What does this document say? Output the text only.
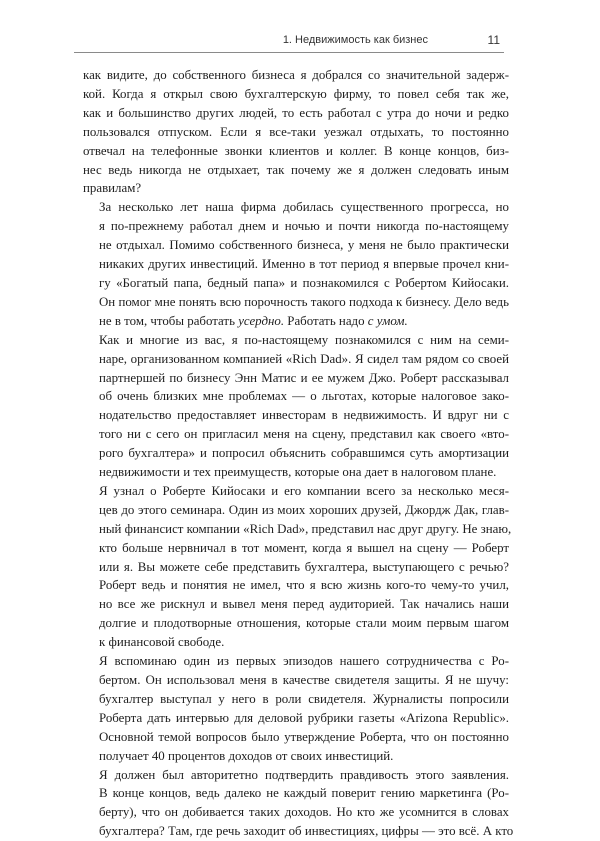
1. Недвижимость как бизнес	11

как видите, до собственного бизнеса я добрался со значительной задерж-
кой. Когда я открыл свою бухгалтерскую фирму, то повел себя так же,
как и большинство других людей, то есть работал с утра до ночи и редко
пользовался отпуском. Если я все-таки уезжал отдыхать, то постоянно
отвечал на телефонные звонки клиентов и коллег. В конце концов, биз-
нес ведь никогда не отдыхает, так почему же я должен следовать иным
правилам?

За несколько лет наша фирма добилась существенного прогресса, но
я по-прежнему работал днем и ночью и почти никогда по-настоящему
не отдыхал. Помимо собственного бизнеса, у меня не было практически
никаких других инвестиций. Именно в тот период я впервые прочел кни-
гу «Богатый папа, бедный папа» и познакомился с Робертом Кийосаки.
Он помог мне понять всю порочность такого подхода к бизнесу. Дело ведь
не в том, чтобы работать усердно. Работать надо с умом.

Как и многие из вас, я по-настоящему познакомился с ним на семи-
наре, организованном компанией «Rich Dad». Я сидел там рядом со своей
партнершей по бизнесу Энн Матис и ее мужем Джо. Роберт рассказывал
об очень близких мне проблемах — о льготах, которые налоговое зако-
нодательство предоставляет инвесторам в недвижимость. И вдруг ни с
того ни с сего он пригласил меня на сцену, представил как своего «вто-
рого бухгалтера» и попросил объяснить собравшимся суть амортизации
недвижимости и тех преимуществ, которые она дает в налоговом плане.

Я узнал о Роберте Кийосаки и его компании всего за несколько меся-
цев до этого семинара. Один из моих хороших друзей, Джордж Дак, глав-
ный финансист компании «Rich Dad», представил нас друг другу. Не знаю,
кто больше нервничал в тот момент, когда я вышел на сцену — Роберт
или я. Вы можете себе представить бухгалтера, выступающего с речью?
Роберт ведь и понятия не имел, что я всю жизнь кого-то чему-то учил,
но все же рискнул и вывел меня перед аудиторией. Так начались наши
долгие и плодотворные отношения, которые стали моим первым шагом
к финансовой свободе.

Я вспоминаю один из первых эпизодов нашего сотрудничества с Ро-
бертом. Он использовал меня в качестве свидетеля защиты. Я не шучу:
бухгалтер выступал у него в роли свидетеля. Журналисты попросили
Роберта дать интервью для деловой рубрики газеты «Arizona Republic».
Основной темой вопросов было утверждение Роберта, что он постоянно
получает 40 процентов доходов от своих инвестиций.

Я должен был авторитетно подтвердить правдивость этого заявления.
В конце концов, ведь далеко не каждый поверит гению маркетинга (Ро-
берту), что он добивается таких доходов. Но кто же усомнится в словах
бухгалтера? Там, где речь заходит об инвестициях, цифры — это всё. А кто
